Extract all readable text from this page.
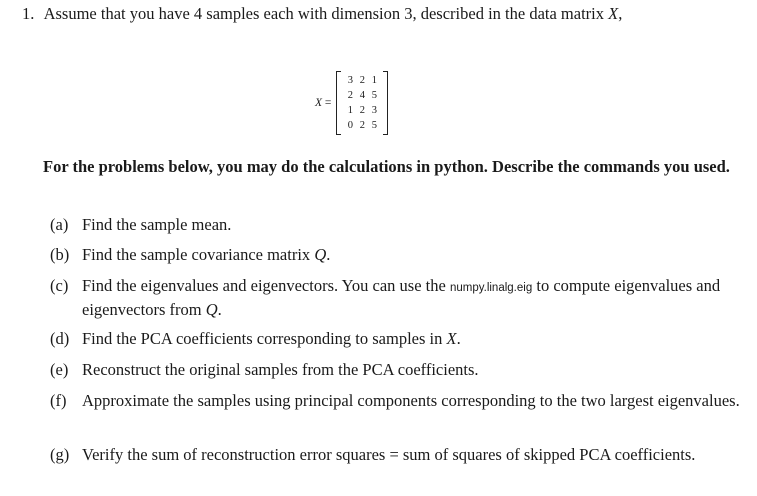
1. Assume that you have 4 samples each with dimension 3, described in the data matrix X,
X =
3	2	1
2	4	5
1	2	3
0	2	5
For the problems below, you may do the calculations in python. Describe the commands you used.
(a) Find the sample mean.
(b) Find the sample covariance matrix Q.
(c) Find the eigenvalues and eigenvectors. You can use the numpy.linalg.eig to compute eigenvalues and eigenvectors from Q.
(d) Find the PCA coefficients corresponding to samples in X.
(e) Reconstruct the original samples from the PCA coefficients.
(f) Approximate the samples using principal components corresponding to the two largest eigenvalues.
(g) Verify the sum of reconstruction error squares = sum of squares of skipped PCA coefficients.
